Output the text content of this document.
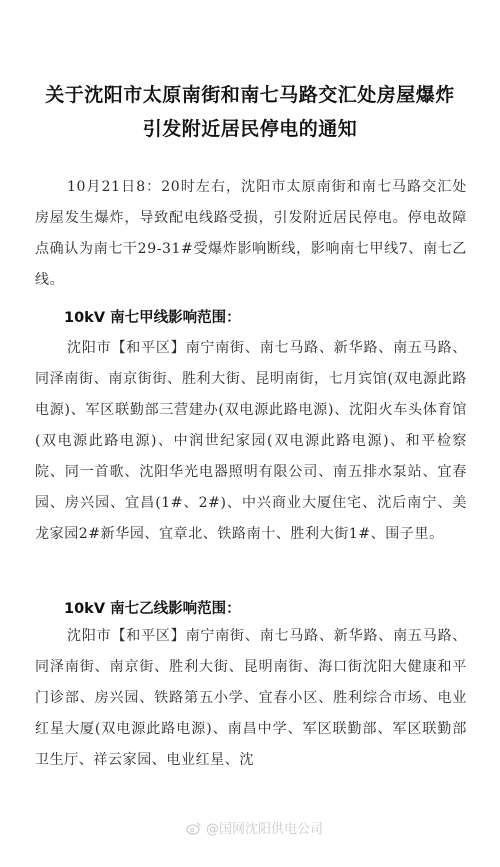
关于沈阳市太原南街和南七马路交汇处房屋爆炸
引发附近居民停电的通知
10月21日8：20时左右，沈阳市太原南街和南七马路交汇处房屋发生爆炸，导致配电线路受损，引发附近居民停电。停电故障点确认为南七干29-31#受爆炸影响断线，影响南七甲线7、南七乙线。
10kV 南七甲线影响范围：
沈阳市【和平区】南宁南街、南七马路、新华路、南五马路、同泽南街、南京街街、胜利大街、昆明南街，七月宾馆(双电源此路电源)、军区联勤部三营建办(双电源此路电源)、沈阳火车头体育馆(双电源此路电源)、中润世纪家园(双电源此路电源)、和平检察院、同一首歌、沈阳华光电器照明有限公司、南五排水泵站、宜春园、房兴园、宜昌(1#、2#)、中兴商业大厦住宅、沈后南宁、美龙家园2#新华园、宜章北、铁路南十、胜利大街1#、围子里。
10kV 南七乙线影响范围：
沈阳市【和平区】南宁南街、南七马路、新华路、南五马路、同泽南街、南京街、胜利大街、昆明南街、海口街沈阳大健康和平门诊部、房兴园、铁路第五小学、宜春小区、胜利综合市场、电业红星大厦(双电源此路电源)、南昌中学、军区联勤部、军区联勤部卫生厅、祥云家园、电业红星、沈
@国网沈阳供电公司
